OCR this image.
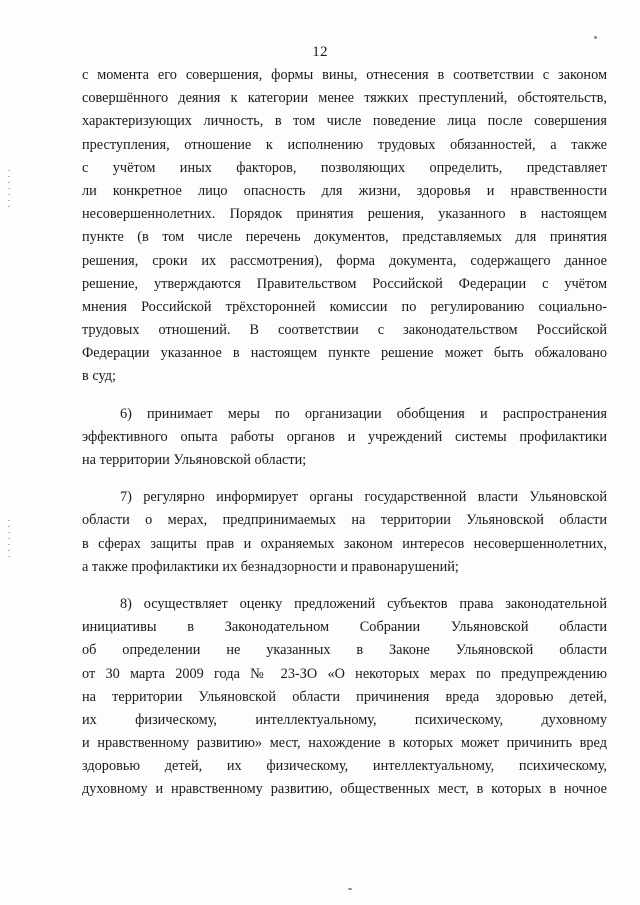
12
с момента его совершения, формы вины, отнесения в соответствии с законом
совершённого деяния к категории менее тяжких преступлений, обстоятельств,
характеризующих личность, в том числе поведение лица после совершения
преступления, отношение к исполнению трудовых обязанностей, а также
с учётом иных факторов, позволяющих определить, представляет
ли конкретное лицо опасность для жизни, здоровья и нравственности
несовершеннолетних. Порядок принятия решения, указанного в настоящем
пункте (в том числе перечень документов, представляемых для принятия
решения, сроки их рассмотрения), форма документа, содержащего данное
решение, утверждаются Правительством Российской Федерации с учётом
мнения Российской трёхсторонней комиссии по регулированию социально-
трудовых отношений. В соответствии с законодательством Российской
Федерации указанное в настоящем пункте решение может быть обжаловано
в суд;
6) принимает меры по организации обобщения и распространения
эффективного опыта работы органов и учреждений системы профилактики
на территории Ульяновской области;
7) регулярно информирует органы государственной власти Ульяновской
области о мерах, предпринимаемых на территории Ульяновской области
в сферах защиты прав и охраняемых законом интересов несовершеннолетних,
а также профилактики их безнадзорности и правонарушений;
8) осуществляет оценку предложений субъектов права законодательной
инициативы в Законодательном Собрании Ульяновской области
об определении не указанных в Законе Ульяновской области
от 30 марта 2009 года № 23-ЗО «О некоторых мерах по предупреждению
на территории Ульяновской области причинения вреда здоровью детей,
их физическому, интеллектуальному, психическому, духовному
и нравственному развитию» мест, нахождение в которых может причинить вред
здоровью детей, их физическому, интеллектуальному, психическому,
духовному и нравственному развитию, общественных мест, в которых в ночное
